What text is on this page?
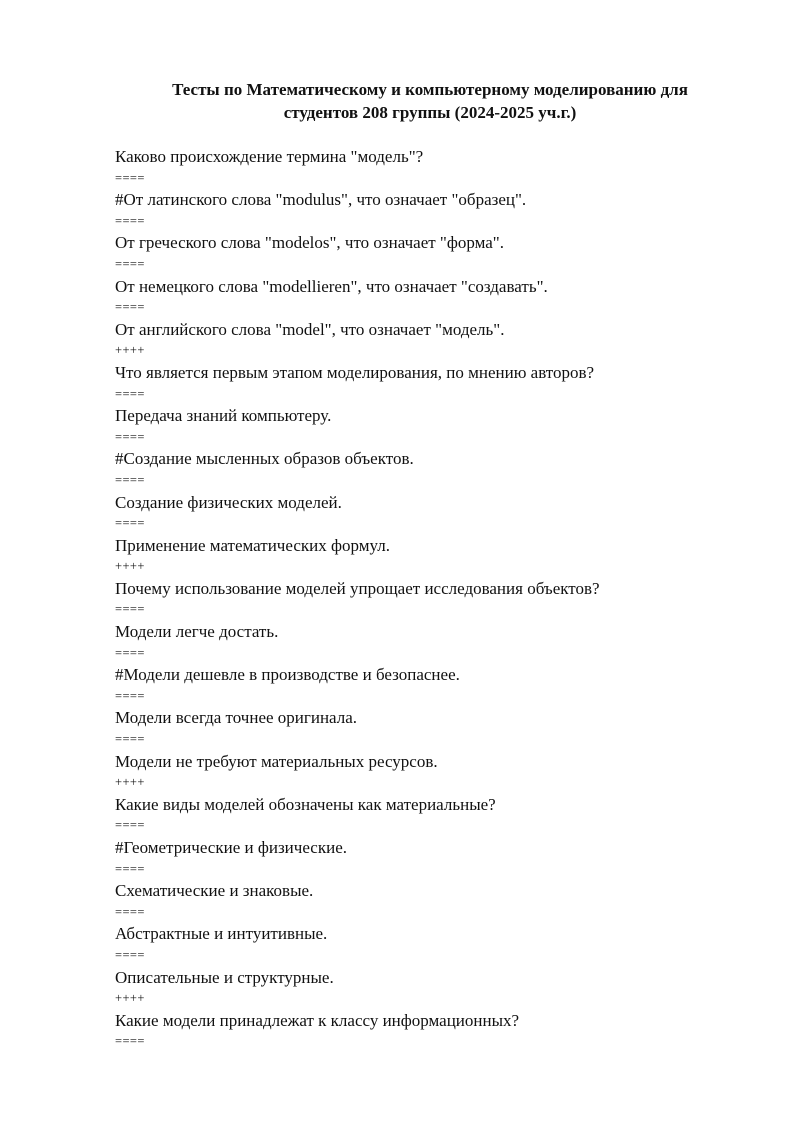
Тесты по Математическому и компьютерному моделированию для
студентов 208 группы (2024-2025 уч.г.)
Каково происхождение термина "модель"?
====
#От латинского слова "modulus", что означает "образец".
====
От греческого слова "modelos", что означает "форма".
====
От немецкого слова "modellieren", что означает "создавать".
====
От английского слова "model", что означает "модель".
++++
Что является первым этапом моделирования, по мнению авторов?
====
Передача знаний компьютеру.
====
#Создание мысленных образов объектов.
====
Создание физических моделей.
====
Применение математических формул.
++++
Почему использование моделей упрощает исследования объектов?
====
Модели легче достать.
====
#Модели дешевле в производстве и безопаснее.
====
Модели всегда точнее оригинала.
====
Модели не требуют материальных ресурсов.
++++
Какие виды моделей обозначены как материальные?
====
#Геометрические и физические.
====
Схематические и знаковые.
====
Абстрактные и интуитивные.
====
Описательные и структурные.
++++
Какие модели принадлежат к классу информационных?
====
